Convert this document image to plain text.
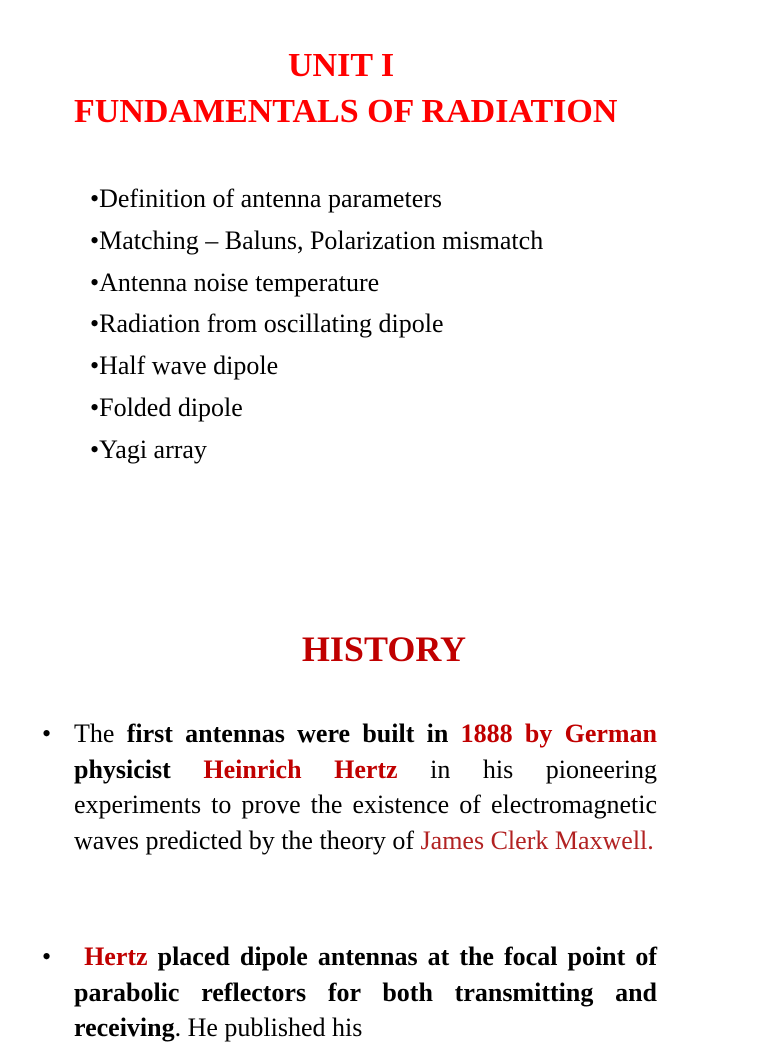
UNIT I
FUNDAMENTALS OF RADIATION
•Definition of antenna parameters
•Matching – Baluns, Polarization mismatch
•Antenna noise temperature
•Radiation from oscillating dipole
•Half wave dipole
•Folded dipole
•Yagi array
HISTORY
• The first antennas were built in 1888 by German physicist Heinrich Hertz in his pioneering experiments to prove the existence of electromagnetic waves predicted by the theory of James Clerk Maxwell.
•	Hertz placed dipole antennas at the focal point of parabolic reflectors for both transmitting and receiving. He published his
